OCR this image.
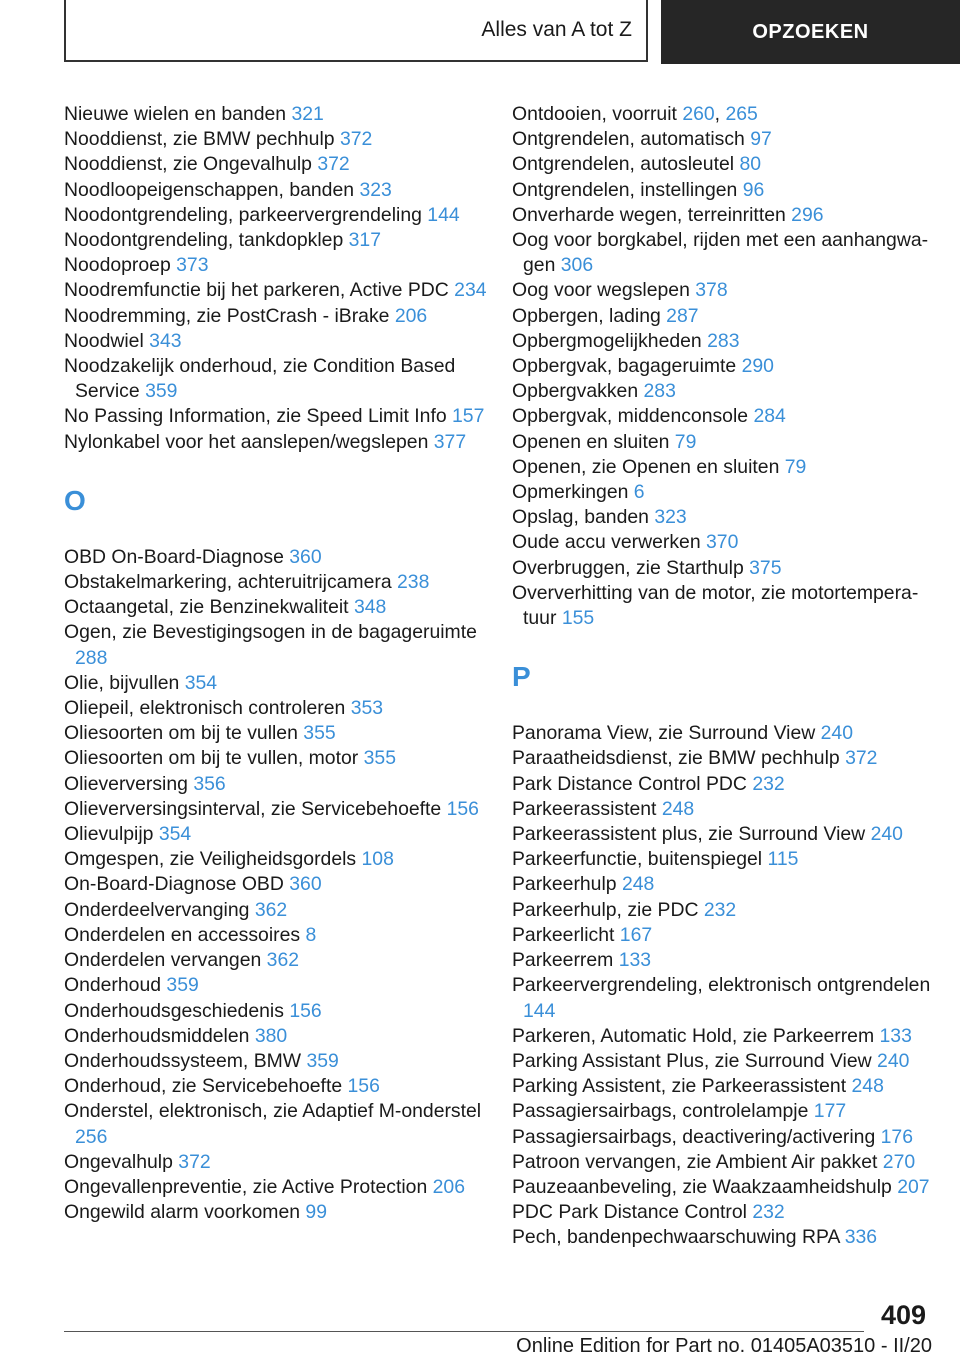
Alles van A tot Z	OPZOEKEN
Nieuwe wielen en banden 321
Nooddienst, zie BMW pechhulp 372
Nooddienst, zie Ongevalhulp 372
Noodloopeigenschappen, banden 323
Noodontgrendeling, parkeervergrendeling 144
Noodontgrendeling, tankdopklep 317
Noodoproep 373
Noodremfunctie bij het parkeren, Active PDC 234
Noodremming, zie PostCrash - iBrake 206
Noodwiel 343
Noodzakelijk onderhoud, zie Condition Based Service 359
No Passing Information, zie Speed Limit Info 157
Nylonkabel voor het aanslepen/wegslepen 377
O
OBD On-Board-Diagnose 360
Obstakelmarkering, achteruitrijcamera 238
Octaangetal, zie Benzinekwaliteit 348
Ogen, zie Bevestigingsogen in de bagageruimte 288
Olie, bijvullen 354
Oliepeil, elektronisch controleren 353
Oliesoorten om bij te vullen 355
Oliesoorten om bij te vullen, motor 355
Olieverversing 356
Olieverversingsinterval, zie Servicebehoefte 156
Olievulpijp 354
Omgespen, zie Veiligheidsgordels 108
On-Board-Diagnose OBD 360
Onderdeelvervanging 362
Onderdelen en accessoires 8
Onderdelen vervangen 362
Onderhoud 359
Onderhoudsgeschiedenis 156
Onderhoudsmiddelen 380
Onderhoudssysteem, BMW 359
Onderhoud, zie Servicebehoefte 156
Onderstel, elektronisch, zie Adaptief M-onderstel 256
Ongevalhulp 372
Ongevallenpreventie, zie Active Protection 206
Ongewild alarm voorkomen 99
Ontdooien, voorruit 260, 265
Ontgrendelen, automatisch 97
Ontgrendelen, autosleutel 80
Ontgrendelen, instellingen 96
Onverharde wegen, terreinritten 296
Oog voor borgkabel, rijden met een aanhangwagen 306
Oog voor wegslepen 378
Opbergen, lading 287
Opbergmogelijkheden 283
Opbergvak, bagageruimte 290
Opbergvakken 283
Opbergvak, middenconsole 284
Openen en sluiten 79
Openen, zie Openen en sluiten 79
Opmerkingen 6
Opslag, banden 323
Oude accu verwerken 370
Overbruggen, zie Starthulp 375
Oververhitting van de motor, zie motortemperatuur 155
P
Panorama View, zie Surround View 240
Paraatheidsdienst, zie BMW pechhulp 372
Park Distance Control PDC 232
Parkeerassistent 248
Parkeerassistent plus, zie Surround View 240
Parkeerfunctie, buitenspiegel 115
Parkeerhulp 248
Parkeerhulp, zie PDC 232
Parkeerlicht 167
Parkeerrem 133
Parkeervergrendeling, elektronisch ontgrendelen 144
Parkeren, Automatic Hold, zie Parkeerrem 133
Parking Assistant Plus, zie Surround View 240
Parking Assistent, zie Parkeerassistent 248
Passagiersairbags, controlelampje 177
Passagiersairbags, deactivering/activering 176
Patroon vervangen, zie Ambient Air pakket 270
Pauzeaanbeveling, zie Waakzaamheidshulp 207
PDC Park Distance Control 232
Pech, bandenpechwaarschuwing RPA 336
409
Online Edition for Part no. 01405A03510 - II/20
